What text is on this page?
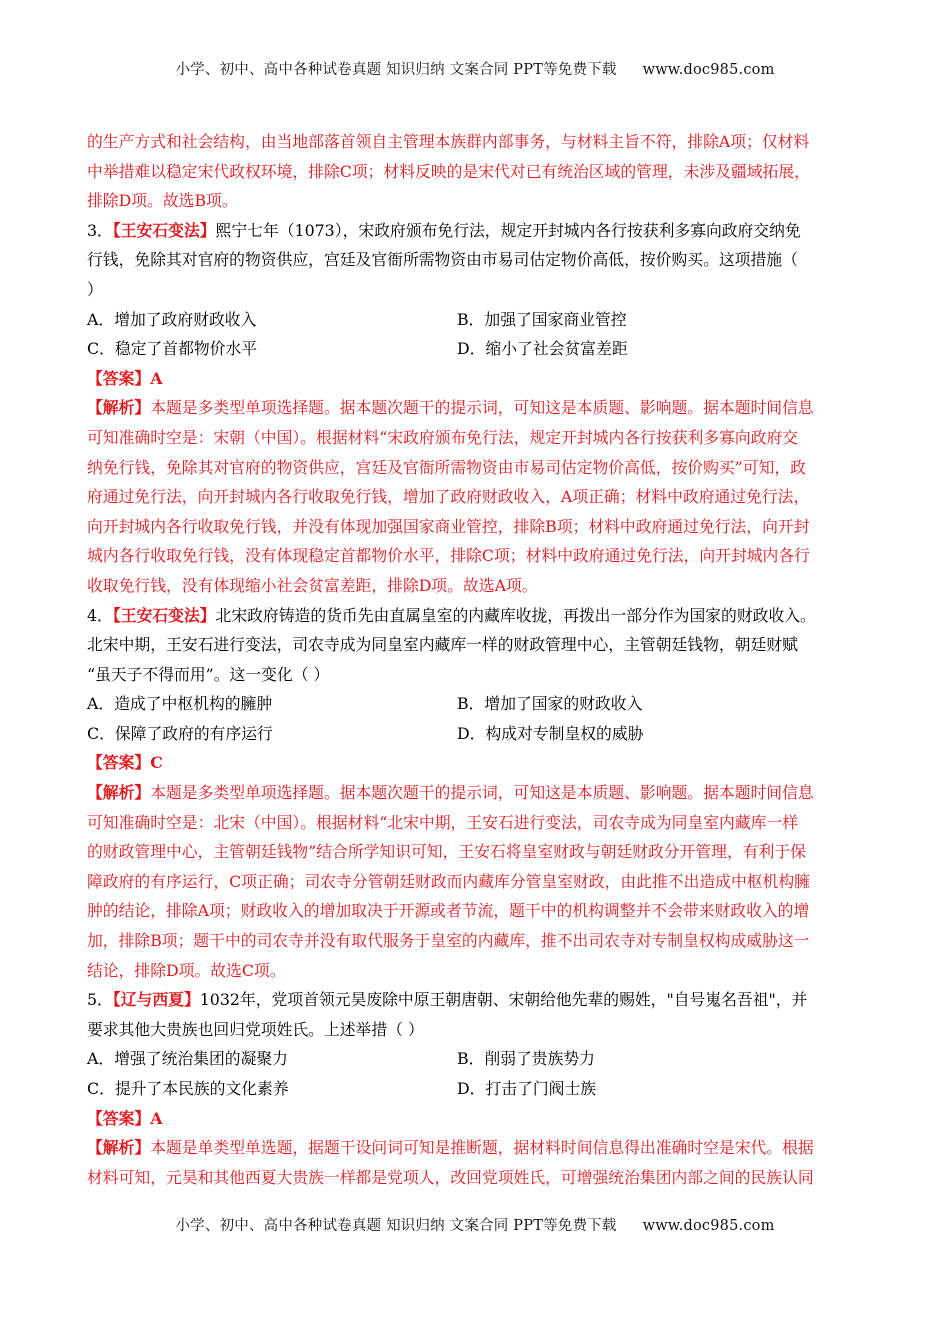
小学、初中、高中各种试卷真题 知识归纳 文案合同 PPT等免费下载 www.doc985.com
的生产方式和社会结构，由当地部落首领自主管理本族群内部事务，与材料主旨不符，排除A项；仅材料
中举措难以稳定宋代政权环境，排除C项；材料反映的是宋代对已有统治区域的管理，未涉及疆域拓展，
排除D项。故选B项。
3．【王安石变法】熙宁七年（1073），宋政府颁布免行法，规定开封城内各行按获利多寡向政府交纳免
行钱，免除其对官府的物资供应，宫廷及官衙所需物资由市易司估定物价高低，按价购买。这项措施（
）
A．增加了政府财政收入	B．加强了国家商业管控
C．稳定了首都物价水平	D．缩小了社会贫富差距
【答案】A
【解析】本题是多类型单项选择题。据本题次题干的提示词，可知这是本质题、影响题。据本题时间信息
可知准确时空是：宋朝（中国）。根据材料“宋政府颁布免行法，规定开封城内各行按获利多寡向政府交
纳免行钱，免除其对官府的物资供应，宫廷及官衙所需物资由市易司估定物价高低，按价购买”可知，政
府通过免行法，向开封城内各行收取免行钱，增加了政府财政收入，A项正确；材料中政府通过免行法，
向开封城内各行收取免行钱，并没有体现加强国家商业管控，排除B项；材料中政府通过免行法，向开封
城内各行收取免行钱，没有体现稳定首都物价水平，排除C项；材料中政府通过免行法，向开封城内各行
收取免行钱，没有体现缩小社会贫富差距，排除D项。故选A项。
4．【王安石变法】北宋政府铸造的货币先由直属皇室的内藏库收拢，再拨出一部分作为国家的财政收入。
北宋中期，王安石进行变法，司农寺成为同皇室内藏库一样的财政管理中心，主管朝廷钱物，朝廷财赋
“虽天子不得而用”。这一变化（ ）
A．造成了中枢机构的臃肿	B．增加了国家的财政收入
C．保障了政府的有序运行	D．构成对专制皇权的威胁
【答案】C
【解析】本题是多类型单项选择题。据本题次题干的提示词，可知这是本质题、影响题。据本题时间信息
可知准确时空是：北宋（中国）。根据材料“北宋中期，王安石进行变法，司农寺成为同皇室内藏库一样
的财政管理中心，主管朝廷钱物”结合所学知识可知，王安石将皇室财政与朝廷财政分开管理，有利于保
障政府的有序运行，C项正确；司农寺分管朝廷财政而内藏库分管皇室财政，由此推不出造成中枢机构臃
肿的结论，排除A项；财政收入的增加取决于开源或者节流，题干中的机构调整并不会带来财政收入的增
加，排除B项；题干中的司农寺并没有取代服务于皇室的内藏库，推不出司农寺对专制皇权构成威胁这一
结论，排除D项。故选C项。
5．【辽与西夏】1032年，党项首领元昊废除中原王朝唐朝、宋朝给他先辈的赐姓，"自号嵬名吾祖"，并
要求其他大贵族也回归党项姓氏。上述举措（ ）
A．增强了统治集团的凝聚力	B．削弱了贵族势力
C．提升了本民族的文化素养	D．打击了门阀士族
【答案】A
【解析】本题是单类型单选题，据题干设问词可知是推断题，据材料时间信息得出准确时空是宋代。根据
材料可知，元昊和其他西夏大贵族一样都是党项人，改回党项姓氏，可增强统治集团内部之间的民族认同
小学、初中、高中各种试卷真题 知识归纳 文案合同 PPT等免费下载 www.doc985.com
